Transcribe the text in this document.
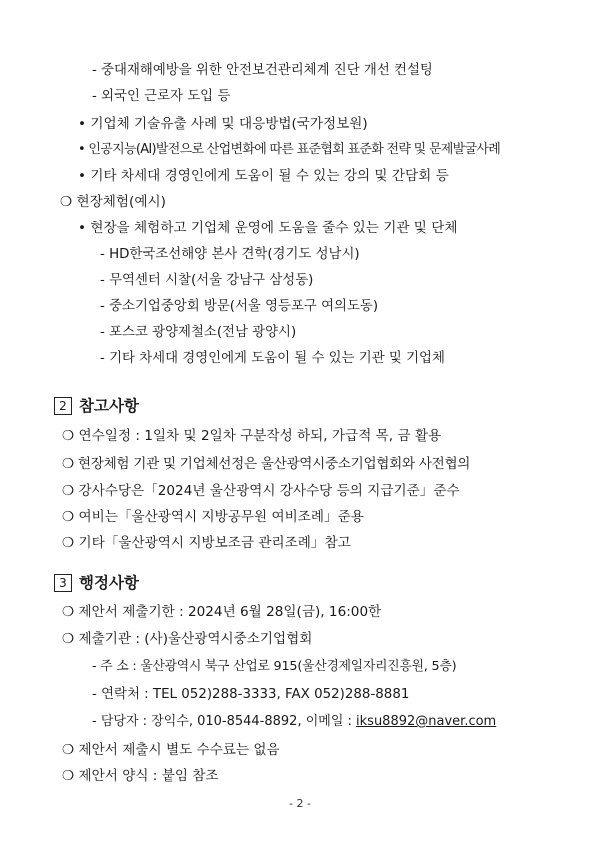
- 중대재해예방을 위한 안전보건관리체계 진단 개선 컨설팅
- 외국인 근로자 도입 등
• 기업체 기술유출 사례 및 대응방법(국가정보원)
• 인공지능(AI)발전으로 산업변화에 따른 표준협회 표준화 전략 및 문제발굴사례
• 기타 차세대 경영인에게 도움이 될 수 있는 강의 및 간담회 등
❍ 현장체험(예시)
• 현장을 체험하고 기업체 운영에 도움을 줄수 있는 기관 및 단체
- HD한국조선해양 본사 견학(경기도 성남시)
- 무역센터 시찰(서울 강남구 삼성동)
- 중소기업중앙회 방문(서울 영등포구 여의도동)
- 포스코 광양제철소(전남 광양시)
- 기타 차세대 경영인에게 도움이 될 수 있는 기관 및 기업체
2 참고사항
❍ 연수일정 : 1일차 및 2일차 구분작성 하되, 가급적 목, 금 활용
❍ 현장체험 기관 및 기업체선정은 울산광역시중소기업협회와 사전협의
❍ 강사수당은「2024년 울산광역시 강사수당 등의 지급기준」준수
❍ 여비는「울산광역시 지방공무원 여비조례」준용
❍ 기타「울산광역시 지방보조금 관리조례」참고
3 행정사항
❍ 제안서 제출기한 : 2024년 6월 28일(금), 16:00한
❍ 제출기관 : (사)울산광역시중소기업협회
- 주 소 : 울산광역시 북구 산업로 915(울산경제일자리진흥원, 5층)
- 연락처 : TEL 052)288-3333, FAX 052)288-8881
- 담당자 : 장익수, 010-8544-8892, 이메일 : iksu8892@naver.com
❍ 제안서 제출시 별도 수수료는 없음
❍ 제안서 양식 : 붙임 참조
- 2 -
